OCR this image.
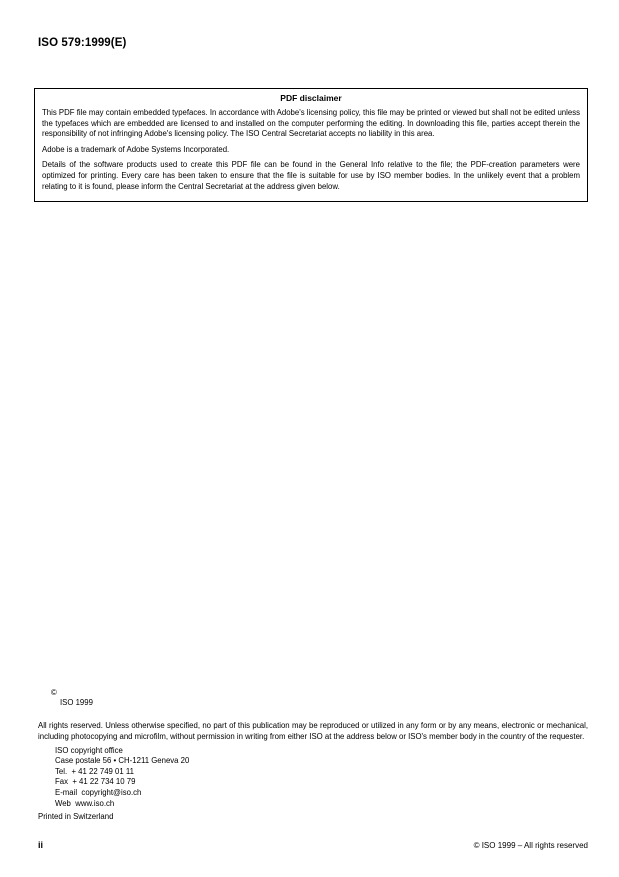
ISO 579:1999(E)
PDF disclaimer
This PDF file may contain embedded typefaces. In accordance with Adobe's licensing policy, this file may be printed or viewed but shall not be edited unless the typefaces which are embedded are licensed to and installed on the computer performing the editing. In downloading this file, parties accept therein the responsibility of not infringing Adobe's licensing policy. The ISO Central Secretariat accepts no liability in this area.
Adobe is a trademark of Adobe Systems Incorporated.
Details of the software products used to create this PDF file can be found in the General Info relative to the file; the PDF-creation parameters were optimized for printing. Every care has been taken to ensure that the file is suitable for use by ISO member bodies. In the unlikely event that a problem relating to it is found, please inform the Central Secretariat at the address given below.

©
ISO 1999

All rights reserved. Unless otherwise specified, no part of this publication may be reproduced or utilized in any form or by any means, electronic or mechanical, including photocopying and microfilm, without permission in writing from either ISO at the address below or ISO's member body in the country of the requester.
ISO copyright office
Case postale 56 • CH-1211 Geneva 20
Tel.  + 41 22 749 01 11
Fax  + 41 22 734 10 79
E-mail  copyright@iso.ch
Web  www.iso.ch
Printed in Switzerland
ii	© ISO 1999 – All rights reserved
